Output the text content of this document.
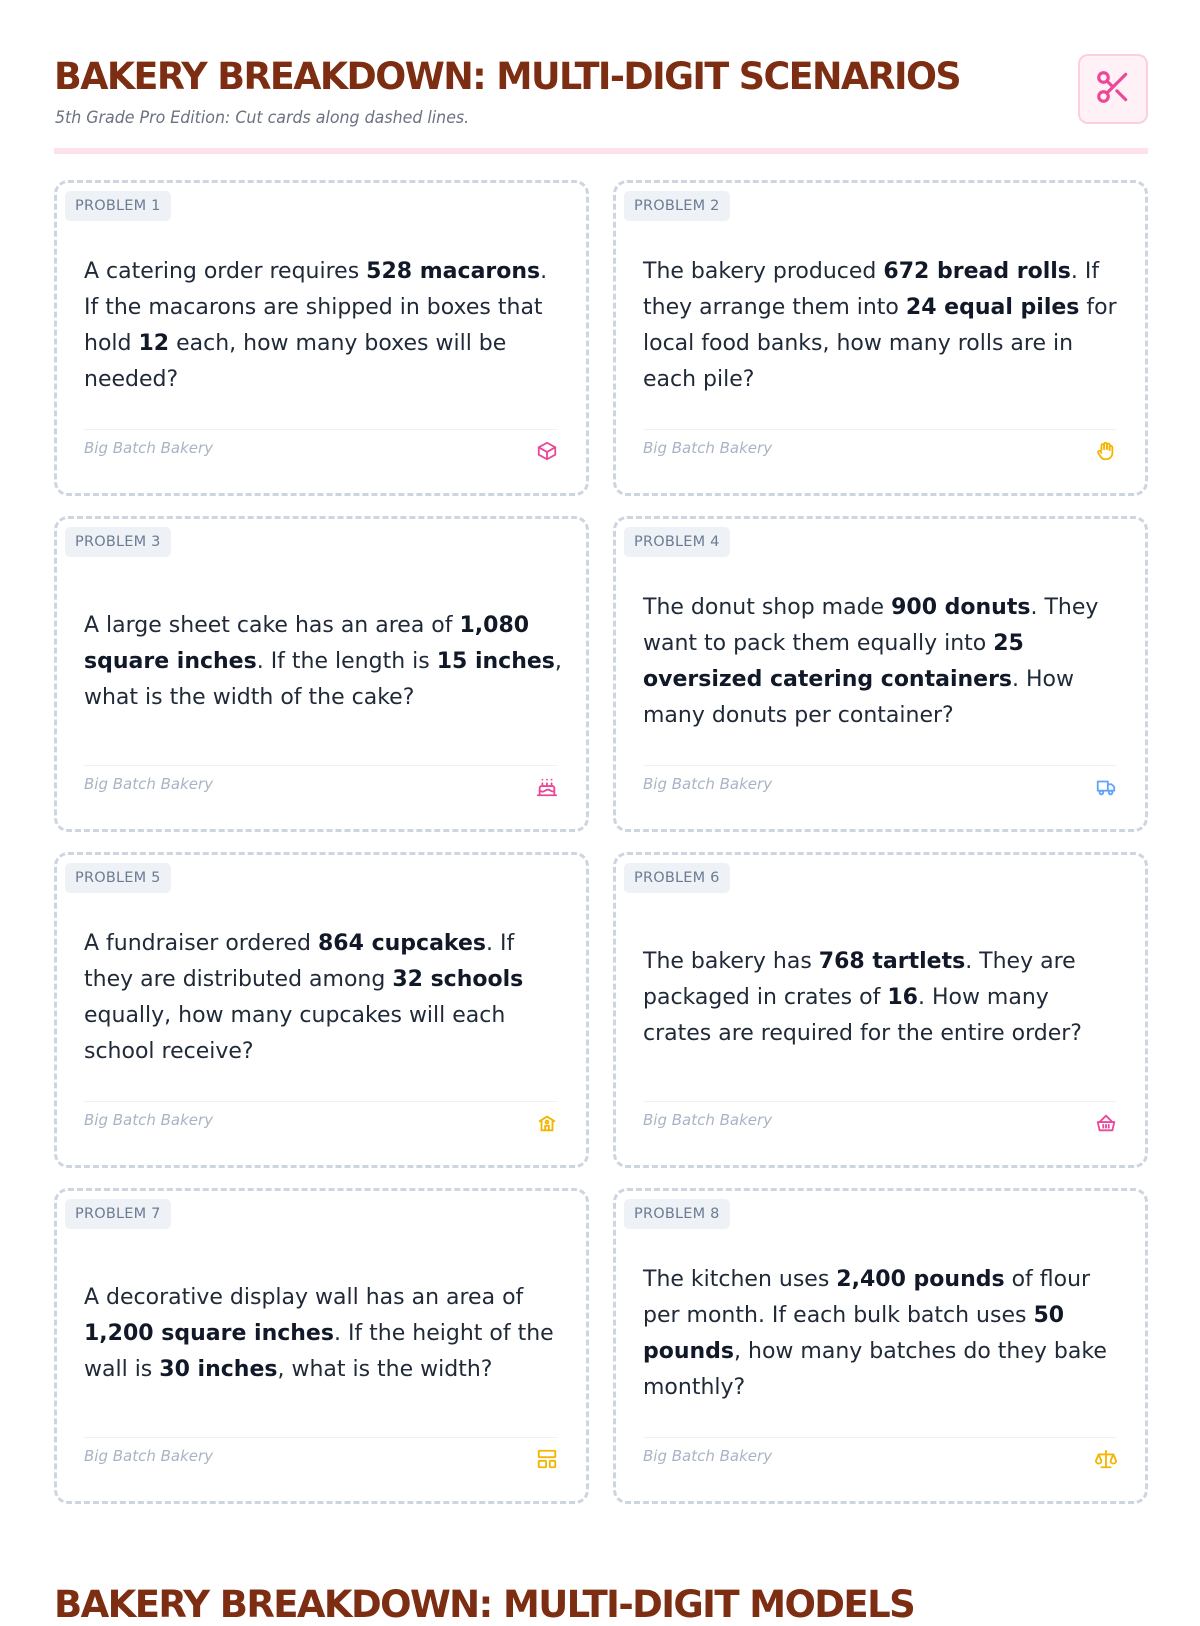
BAKERY BREAKDOWN: MULTI-DIGIT SCENARIOS
5th Grade Pro Edition: Cut cards along dashed lines.
PROBLEM 1
A catering order requires 528 macarons. If the macarons are shipped in boxes that hold 12 each, how many boxes will be needed?
Big Batch Bakery
PROBLEM 2
The bakery produced 672 bread rolls. If they arrange them into 24 equal piles for local food banks, how many rolls are in each pile?
Big Batch Bakery
PROBLEM 3
A large sheet cake has an area of 1,080 square inches. If the length is 15 inches, what is the width of the cake?
Big Batch Bakery
PROBLEM 4
The donut shop made 900 donuts. They want to pack them equally into 25 oversized catering containers. How many donuts per container?
Big Batch Bakery
PROBLEM 5
A fundraiser ordered 864 cupcakes. If they are distributed among 32 schools equally, how many cupcakes will each school receive?
Big Batch Bakery
PROBLEM 6
The bakery has 768 tartlets. They are packaged in crates of 16. How many crates are required for the entire order?
Big Batch Bakery
PROBLEM 7
A decorative display wall has an area of 1,200 square inches. If the height of the wall is 30 inches, what is the width?
Big Batch Bakery
PROBLEM 8
The kitchen uses 2,400 pounds of flour per month. If each bulk batch uses 50 pounds, how many batches do they bake monthly?
Big Batch Bakery
BAKERY BREAKDOWN: MULTI-DIGIT MODELS
